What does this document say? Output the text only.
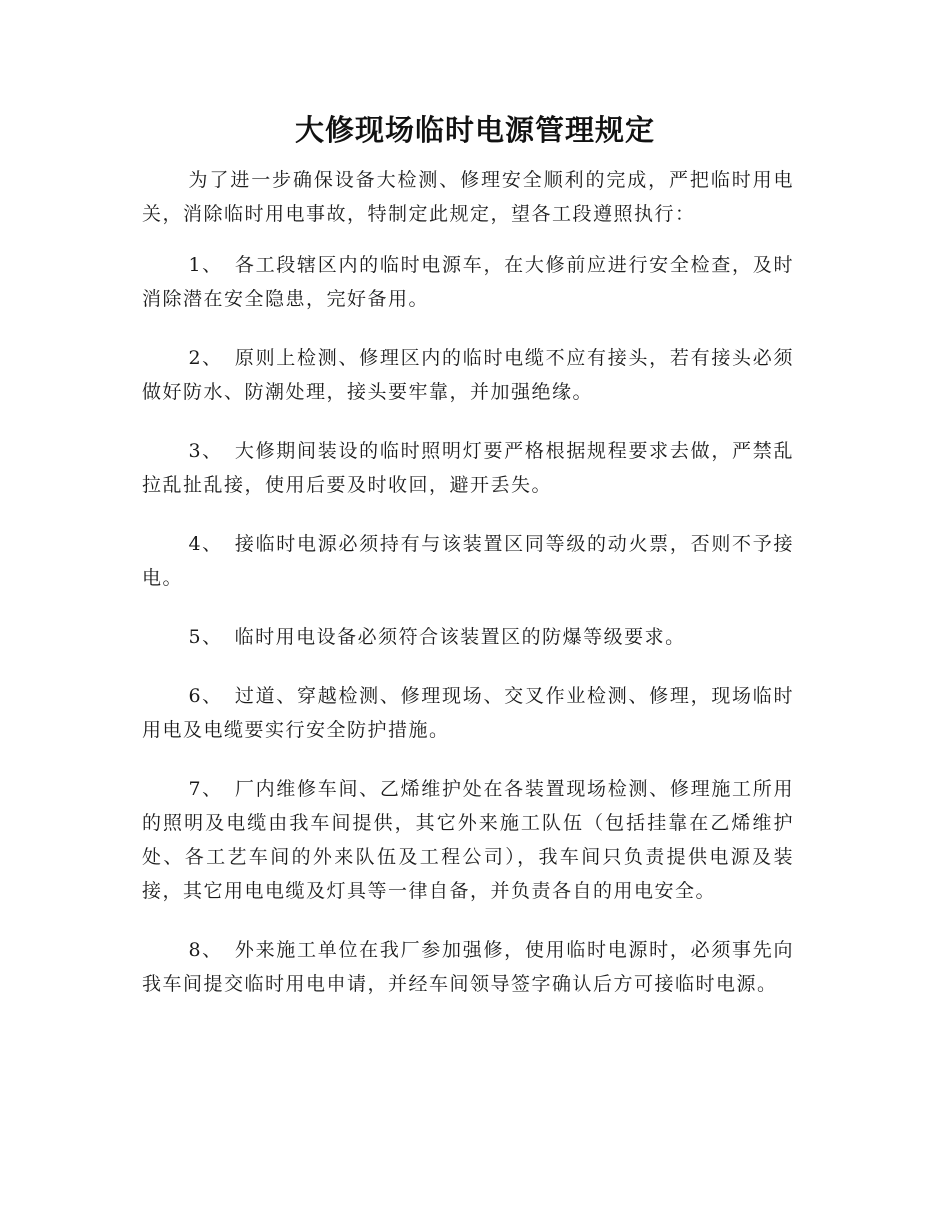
大修现场临时电源管理规定

为了进一步确保设备大检测、修理安全顺利的完成，严把临时用电关，消除临时用电事故，特制定此规定，望各工段遵照执行：

1、 各工段辖区内的临时电源车，在大修前应进行安全检查，及时消除潜在安全隐患，完好备用。

2、 原则上检测、修理区内的临时电缆不应有接头，若有接头必须做好防水、防潮处理，接头要牢靠，并加强绝缘。

3、 大修期间装设的临时照明灯要严格根据规程要求去做，严禁乱拉乱扯乱接，使用后要及时收回，避开丢失。

4、 接临时电源必须持有与该装置区同等级的动火票，否则不予接电。

5、 临时用电设备必须符合该装置区的防爆等级要求。

6、 过道、穿越检测、修理现场、交叉作业检测、修理，现场临时用电及电缆要实行安全防护措施。

7、 厂内维修车间、乙烯维护处在各装置现场检测、修理施工所用的照明及电缆由我车间提供，其它外来施工队伍（包括挂靠在乙烯维护处、各工艺车间的外来队伍及工程公司），我车间只负责提供电源及装接，其它用电电缆及灯具等一律自备，并负责各自的用电安全。

8、 外来施工单位在我厂参加强修，使用临时电源时，必须事先向我车间提交临时用电申请，并经车间领导签字确认后方可接临时电源。
